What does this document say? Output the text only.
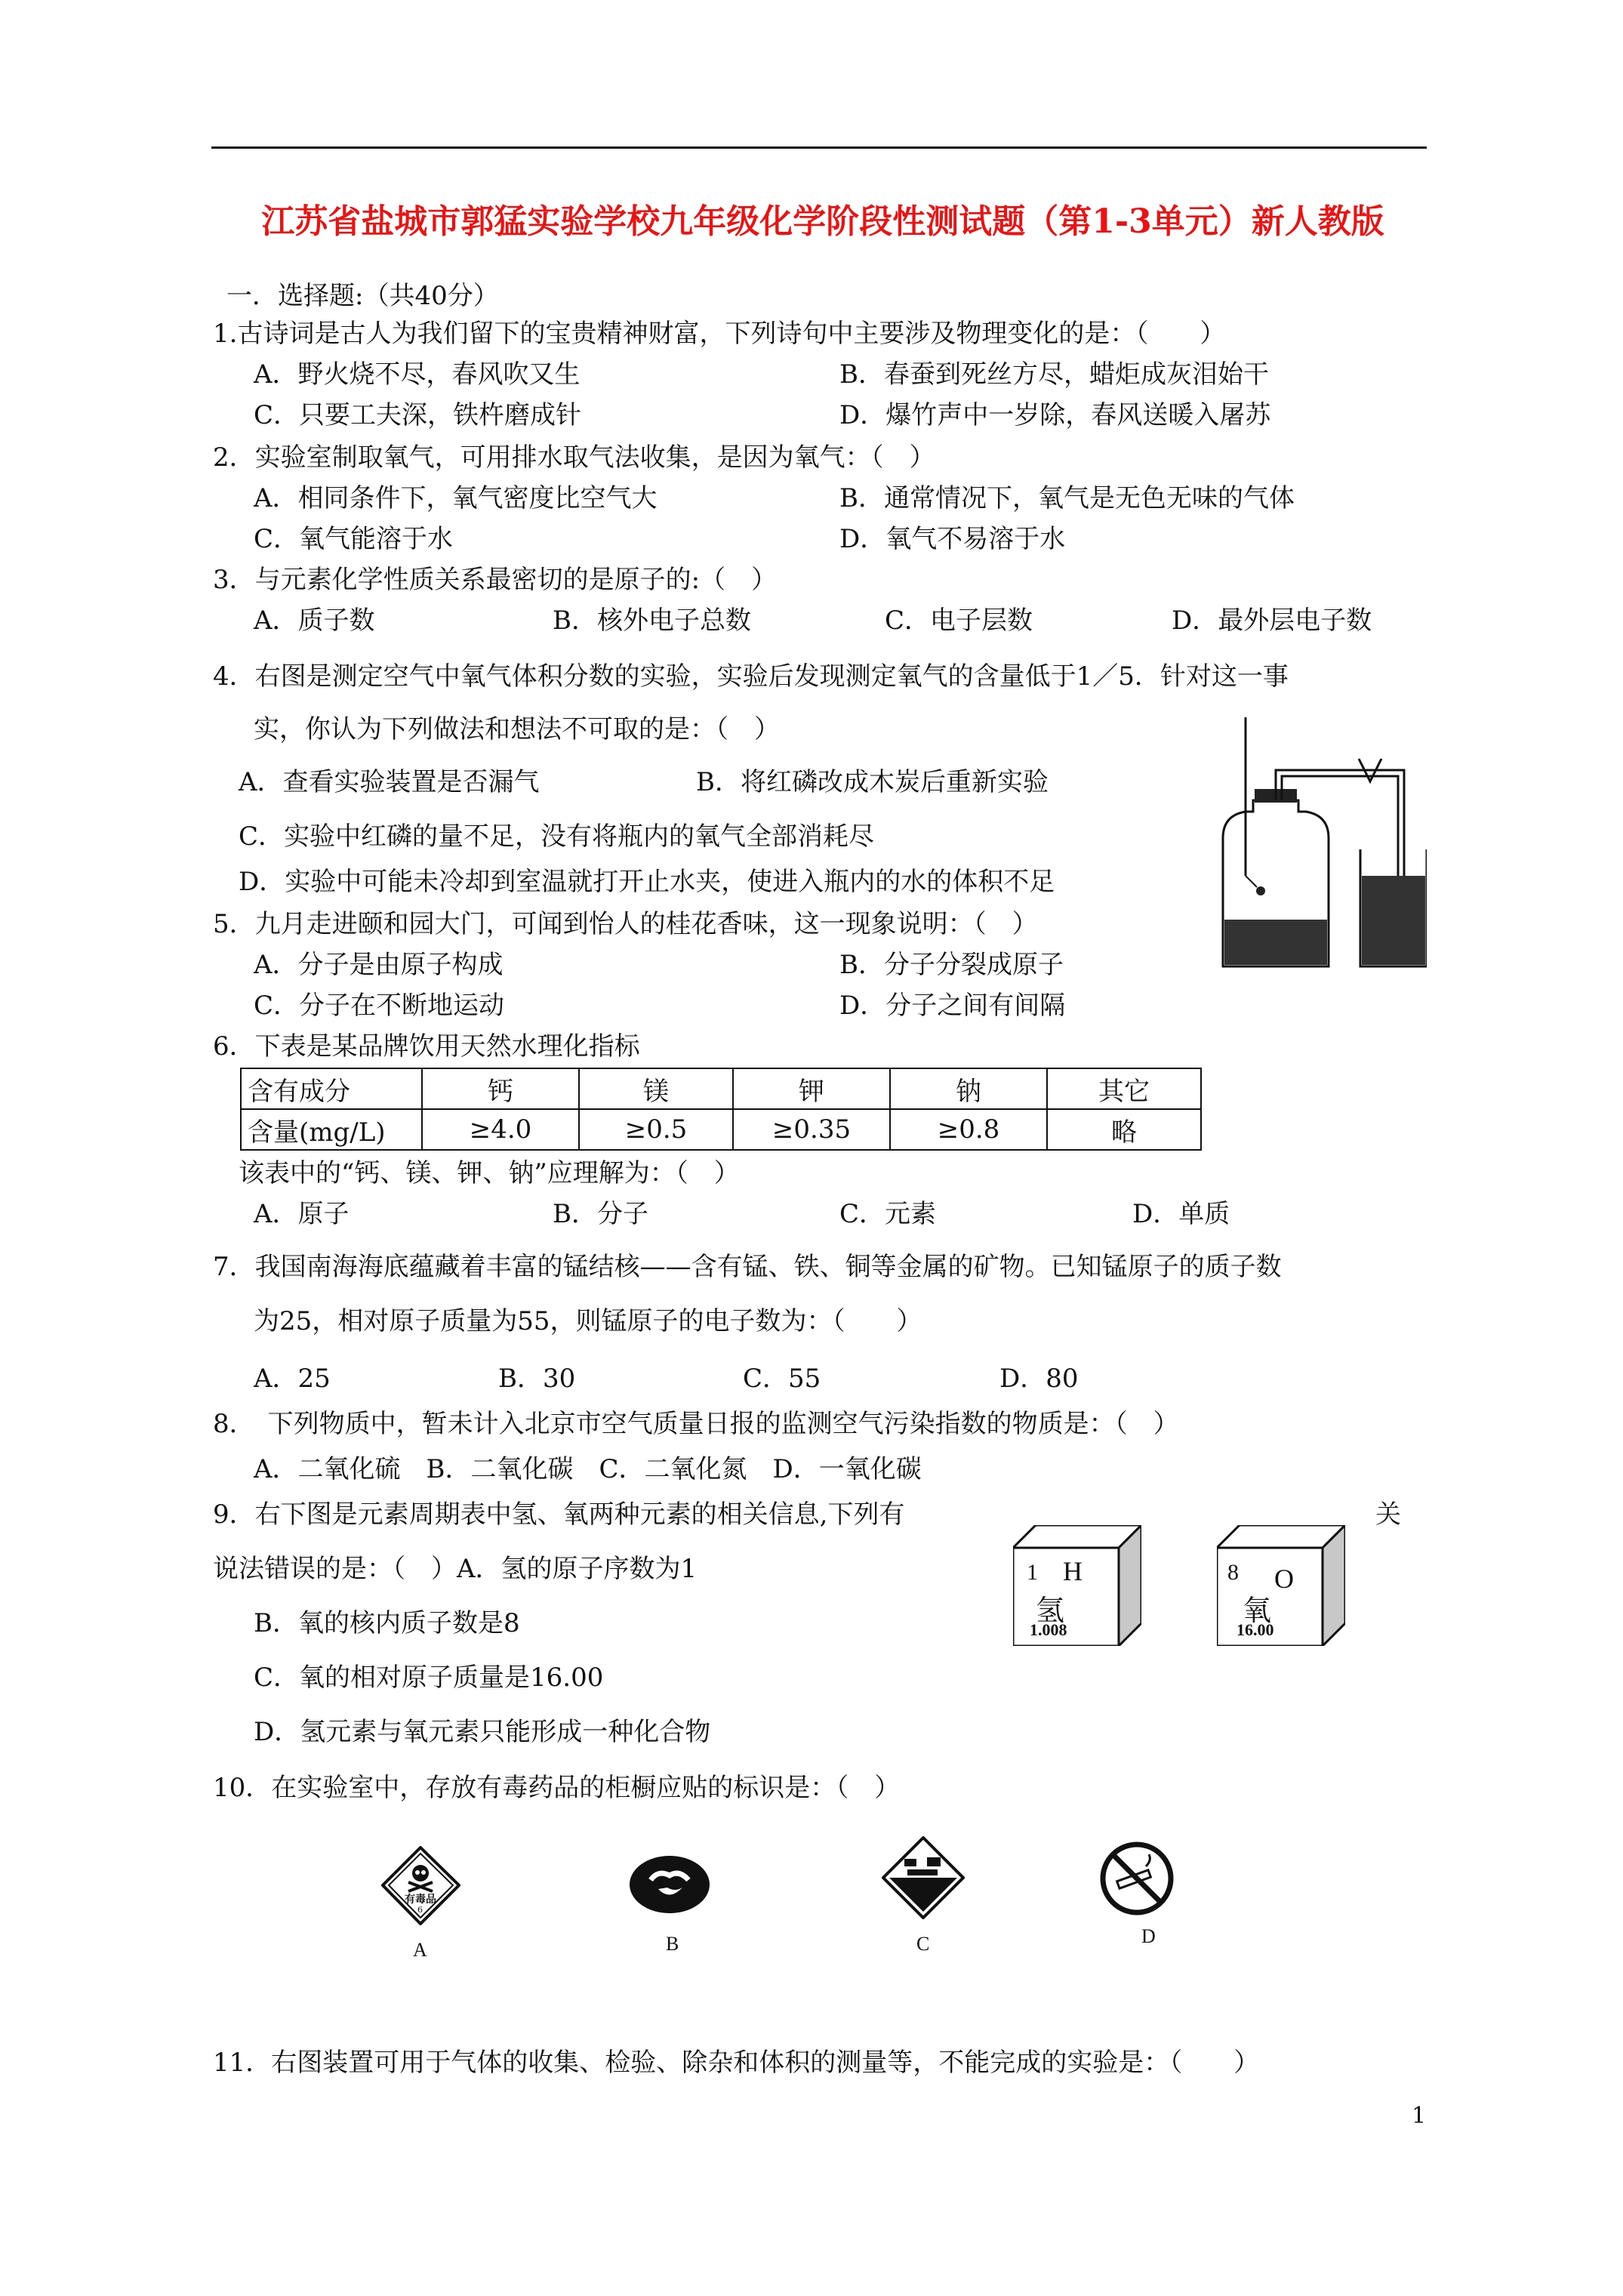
江苏省盐城市郭猛实验学校九年级化学阶段性测试题（第1-3单元）新人教版
一．选择题:（共40分）
1.古诗词是古人为我们留下的宝贵精神财富，下列诗句中主要涉及物理变化的是：（　　）
A．野火烧不尽，春风吹又生	B．春蚕到死丝方尽，蜡炬成灰泪始干
C．只要工夫深，铁杵磨成针	D．爆竹声中一岁除，春风送暖入屠苏
2．实验室制取氧气，可用排水取气法收集，是因为氧气：（　）
A．相同条件下，氧气密度比空气大	B．通常情况下，氧气是无色无味的气体
C．氧气能溶于水	D．氧气不易溶于水
3．与元素化学性质关系最密切的是原子的:（　）
A．质子数	B．核外电子总数	C．电子层数	D．最外层电子数
4．右图是测定空气中氧气体积分数的实验，实验后发现测定氧气的含量低于1／5．针对这一事
实，你认为下列做法和想法不可取的是：（　）
A．查看实验装置是否漏气	B．将红磷改成木炭后重新实验
C．实验中红磷的量不足，没有将瓶内的氧气全部消耗尽
D．实验中可能未冷却到室温就打开止水夹，使进入瓶内的水的体积不足
5．九月走进颐和园大门，可闻到怡人的桂花香味，这一现象说明：（　）
A．分子是由原子构成	B．分子分裂成原子
C．分子在不断地运动	D．分子之间有间隔
6．下表是某品牌饮用天然水理化指标
含有成分	钙	镁	钾	钠	其它
含量(mg/L)	≥4.0	≥0.5	≥0.35	≥0.8	略
该表中的“钙、镁、钾、钠”应理解为：（　）
A．原子	B．分子	C．元素	D．单质
7．我国南海海底蕴藏着丰富的锰结核——含有锰、铁、铜等金属的矿物。已知锰原子的质子数
为25，相对原子质量为55，则锰原子的电子数为：（　　）
A．25	B．30	C．55	D．80
8．　下列物质中，暂未计入北京市空气质量日报的监测空气污染指数的物质是：（　）
A．二氧化硫　B．二氧化碳　C．二氧化氮　D．一氧化碳
9．右下图是元素周期表中氢、氧两种元素的相关信息,下列有	关
说法错误的是：（　）A．氢的原子序数为1
B．氧的核内质子数是8
C．氧的相对原子质量是16.00
D．氢元素与氧元素只能形成一种化合物
1 H
氢
1.008
8 O
氧
16.00
10．在实验室中，存放有毒药品的柜橱应贴的标识是：（　）
有毒品
6
A	B	C	D
11．右图装置可用于气体的收集、检验、除杂和体积的测量等，不能完成的实验是：（　　）
1
